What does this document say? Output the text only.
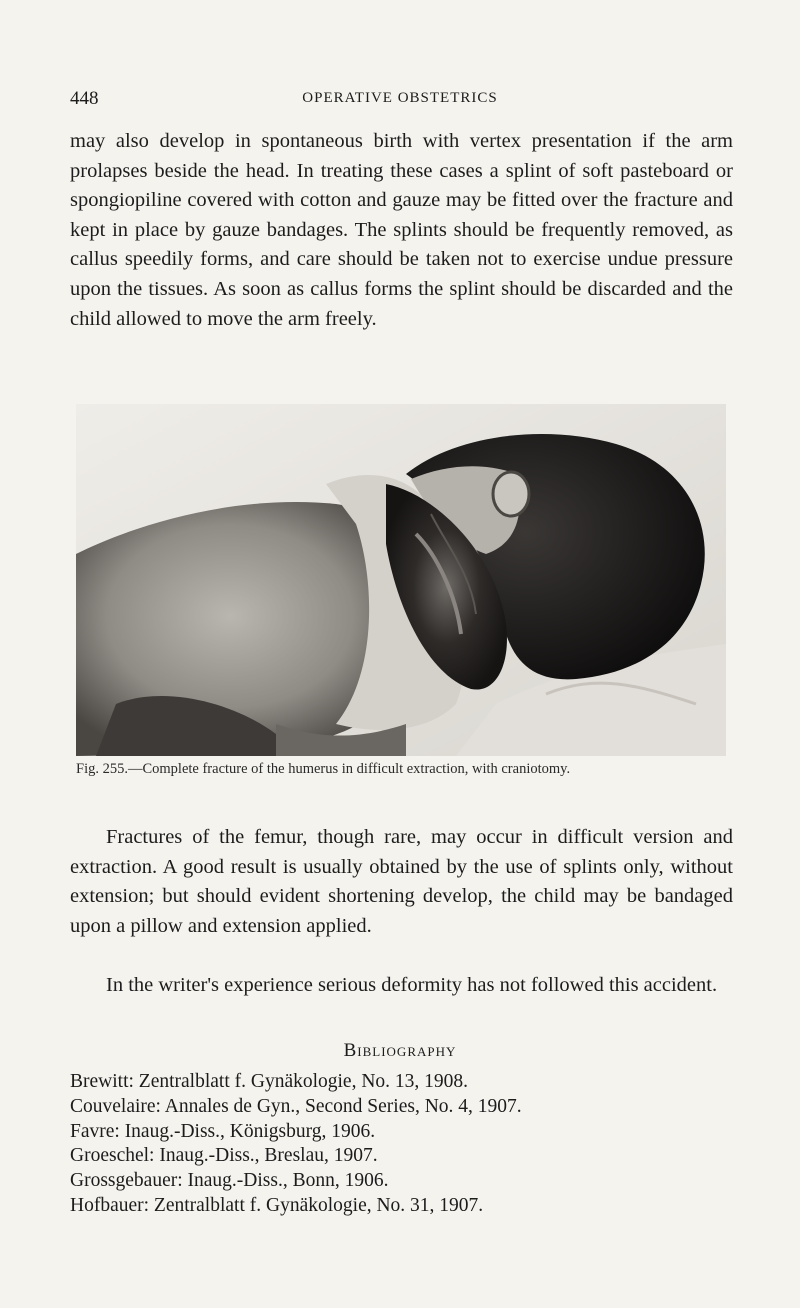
448	OPERATIVE OBSTETRICS

may also develop in spontaneous birth with vertex presentation if the arm prolapses beside the head. In treating these cases a splint of soft pasteboard or spongiopiline covered with cotton and gauze may be fitted over the fracture and kept in place by gauze bandages. The splints should be frequently removed, as callus speedily forms, and care should be taken not to exercise undue pressure upon the tissues. As soon as callus forms the splint should be discarded and the child allowed to move the arm freely.

Fig. 255.—Complete fracture of the humerus in difficult extraction, with craniotomy.

Fractures of the femur, though rare, may occur in difficult version and extraction. A good result is usually obtained by the use of splints only, without extension; but should evident shortening develop, the child may be bandaged upon a pillow and extension applied.

In the writer's experience serious deformity has not followed this accident.

Bibliography
Brewitt: Zentralblatt f. Gynäkologie, No. 13, 1908.
Couvelaire: Annales de Gyn., Second Series, No. 4, 1907.
Favre: Inaug.-Diss., Königsburg, 1906.
Groeschel: Inaug.-Diss., Breslau, 1907.
Grossgebauer: Inaug.-Diss., Bonn, 1906.
Hofbauer: Zentralblatt f. Gynäkologie, No. 31, 1907.
